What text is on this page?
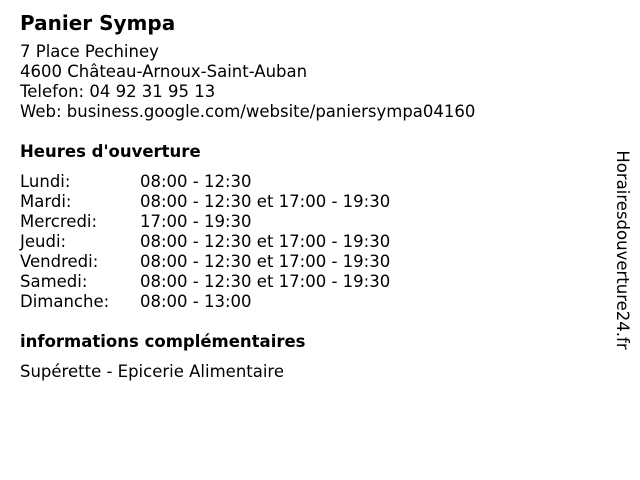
Panier Sympa
7 Place Pechiney
4600 Château-Arnoux-Saint-Auban
Telefon: 04 92 31 95 13
Web: business.google.com/website/paniersympa04160
Heures d'ouverture
Lundi:	08:00 - 12:30
Mardi:	08:00 - 12:30 et 17:00 - 19:30
Mercredi:	17:00 - 19:30
Jeudi:	08:00 - 12:30 et 17:00 - 19:30
Vendredi:	08:00 - 12:30 et 17:00 - 19:30
Samedi:	08:00 - 12:30 et 17:00 - 19:30
Dimanche:	08:00 - 13:00
informations complémentaires
Supérette - Epicerie Alimentaire
Horairesdouverture24.fr
